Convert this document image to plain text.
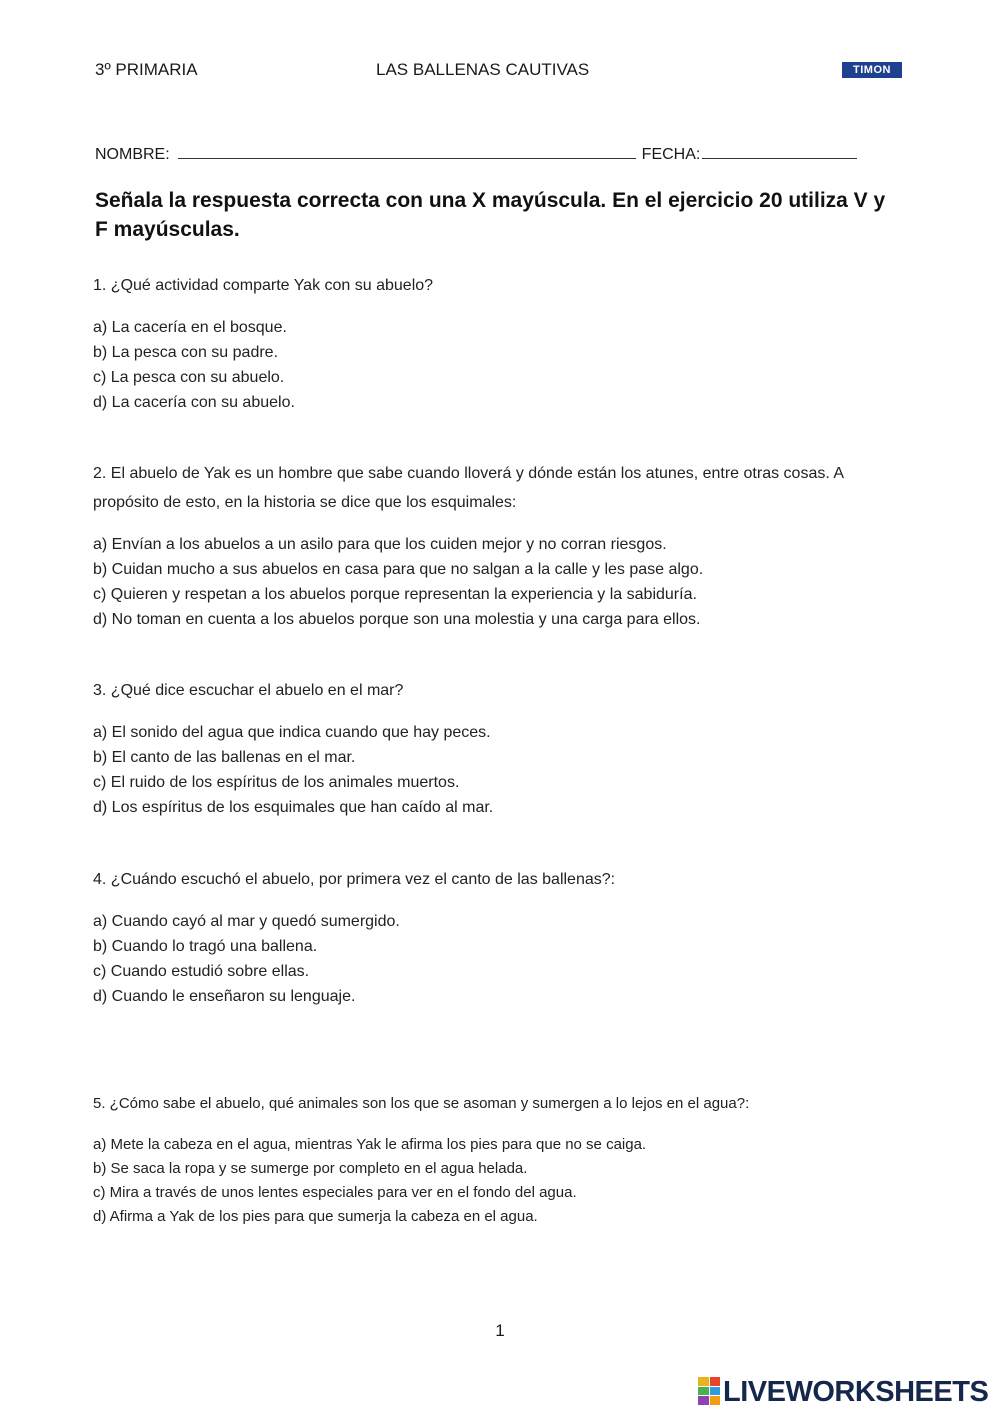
3º PRIMARIA	LAS BALLENAS CAUTIVAS	TIMON
NOMBRE:	FECHA:
Señala la respuesta correcta con una X mayúscula. En el ejercicio 20 utiliza V y F mayúsculas.
1. ¿Qué actividad comparte Yak con su abuelo?
a) La cacería en el bosque.
b) La pesca con su padre.
c) La pesca con su abuelo.
d) La cacería con su abuelo.
2. El abuelo de Yak es un hombre que sabe cuando lloverá y dónde están los atunes, entre otras cosas. A propósito de esto, en la historia se dice que los esquimales:
a) Envían a los abuelos a un asilo para que los cuiden mejor y no corran riesgos.
b) Cuidan mucho a sus abuelos en casa para que no salgan a la calle y les pase algo.
c) Quieren y respetan a los abuelos porque representan la experiencia y la sabiduría.
d) No toman en cuenta a los abuelos porque son una molestia y una carga para ellos.
3. ¿Qué dice escuchar el abuelo en el mar?
a) El sonido del agua que indica cuando que hay peces.
b) El canto de las ballenas en el mar.
c) El ruido de los espíritus de los animales muertos.
d) Los espíritus de los esquimales que han caído al mar.
4. ¿Cuándo escuchó el abuelo, por primera vez el canto de las ballenas?:
a) Cuando cayó al mar y quedó sumergido.
b) Cuando lo tragó una ballena.
c) Cuando estudió sobre ellas.
d) Cuando le enseñaron su lenguaje.
5. ¿Cómo sabe el abuelo, qué animales son los que se asoman y sumergen a lo lejos en el agua?:
a) Mete la cabeza en el agua, mientras Yak le afirma los pies para que no se caiga.
b) Se saca la ropa y se sumerge por completo en el agua helada.
c) Mira a través de unos lentes especiales para ver en el fondo del agua.
d) Afirma a Yak de los pies para que sumerja la cabeza en el agua.
1
LIVEWORKSHEETS
